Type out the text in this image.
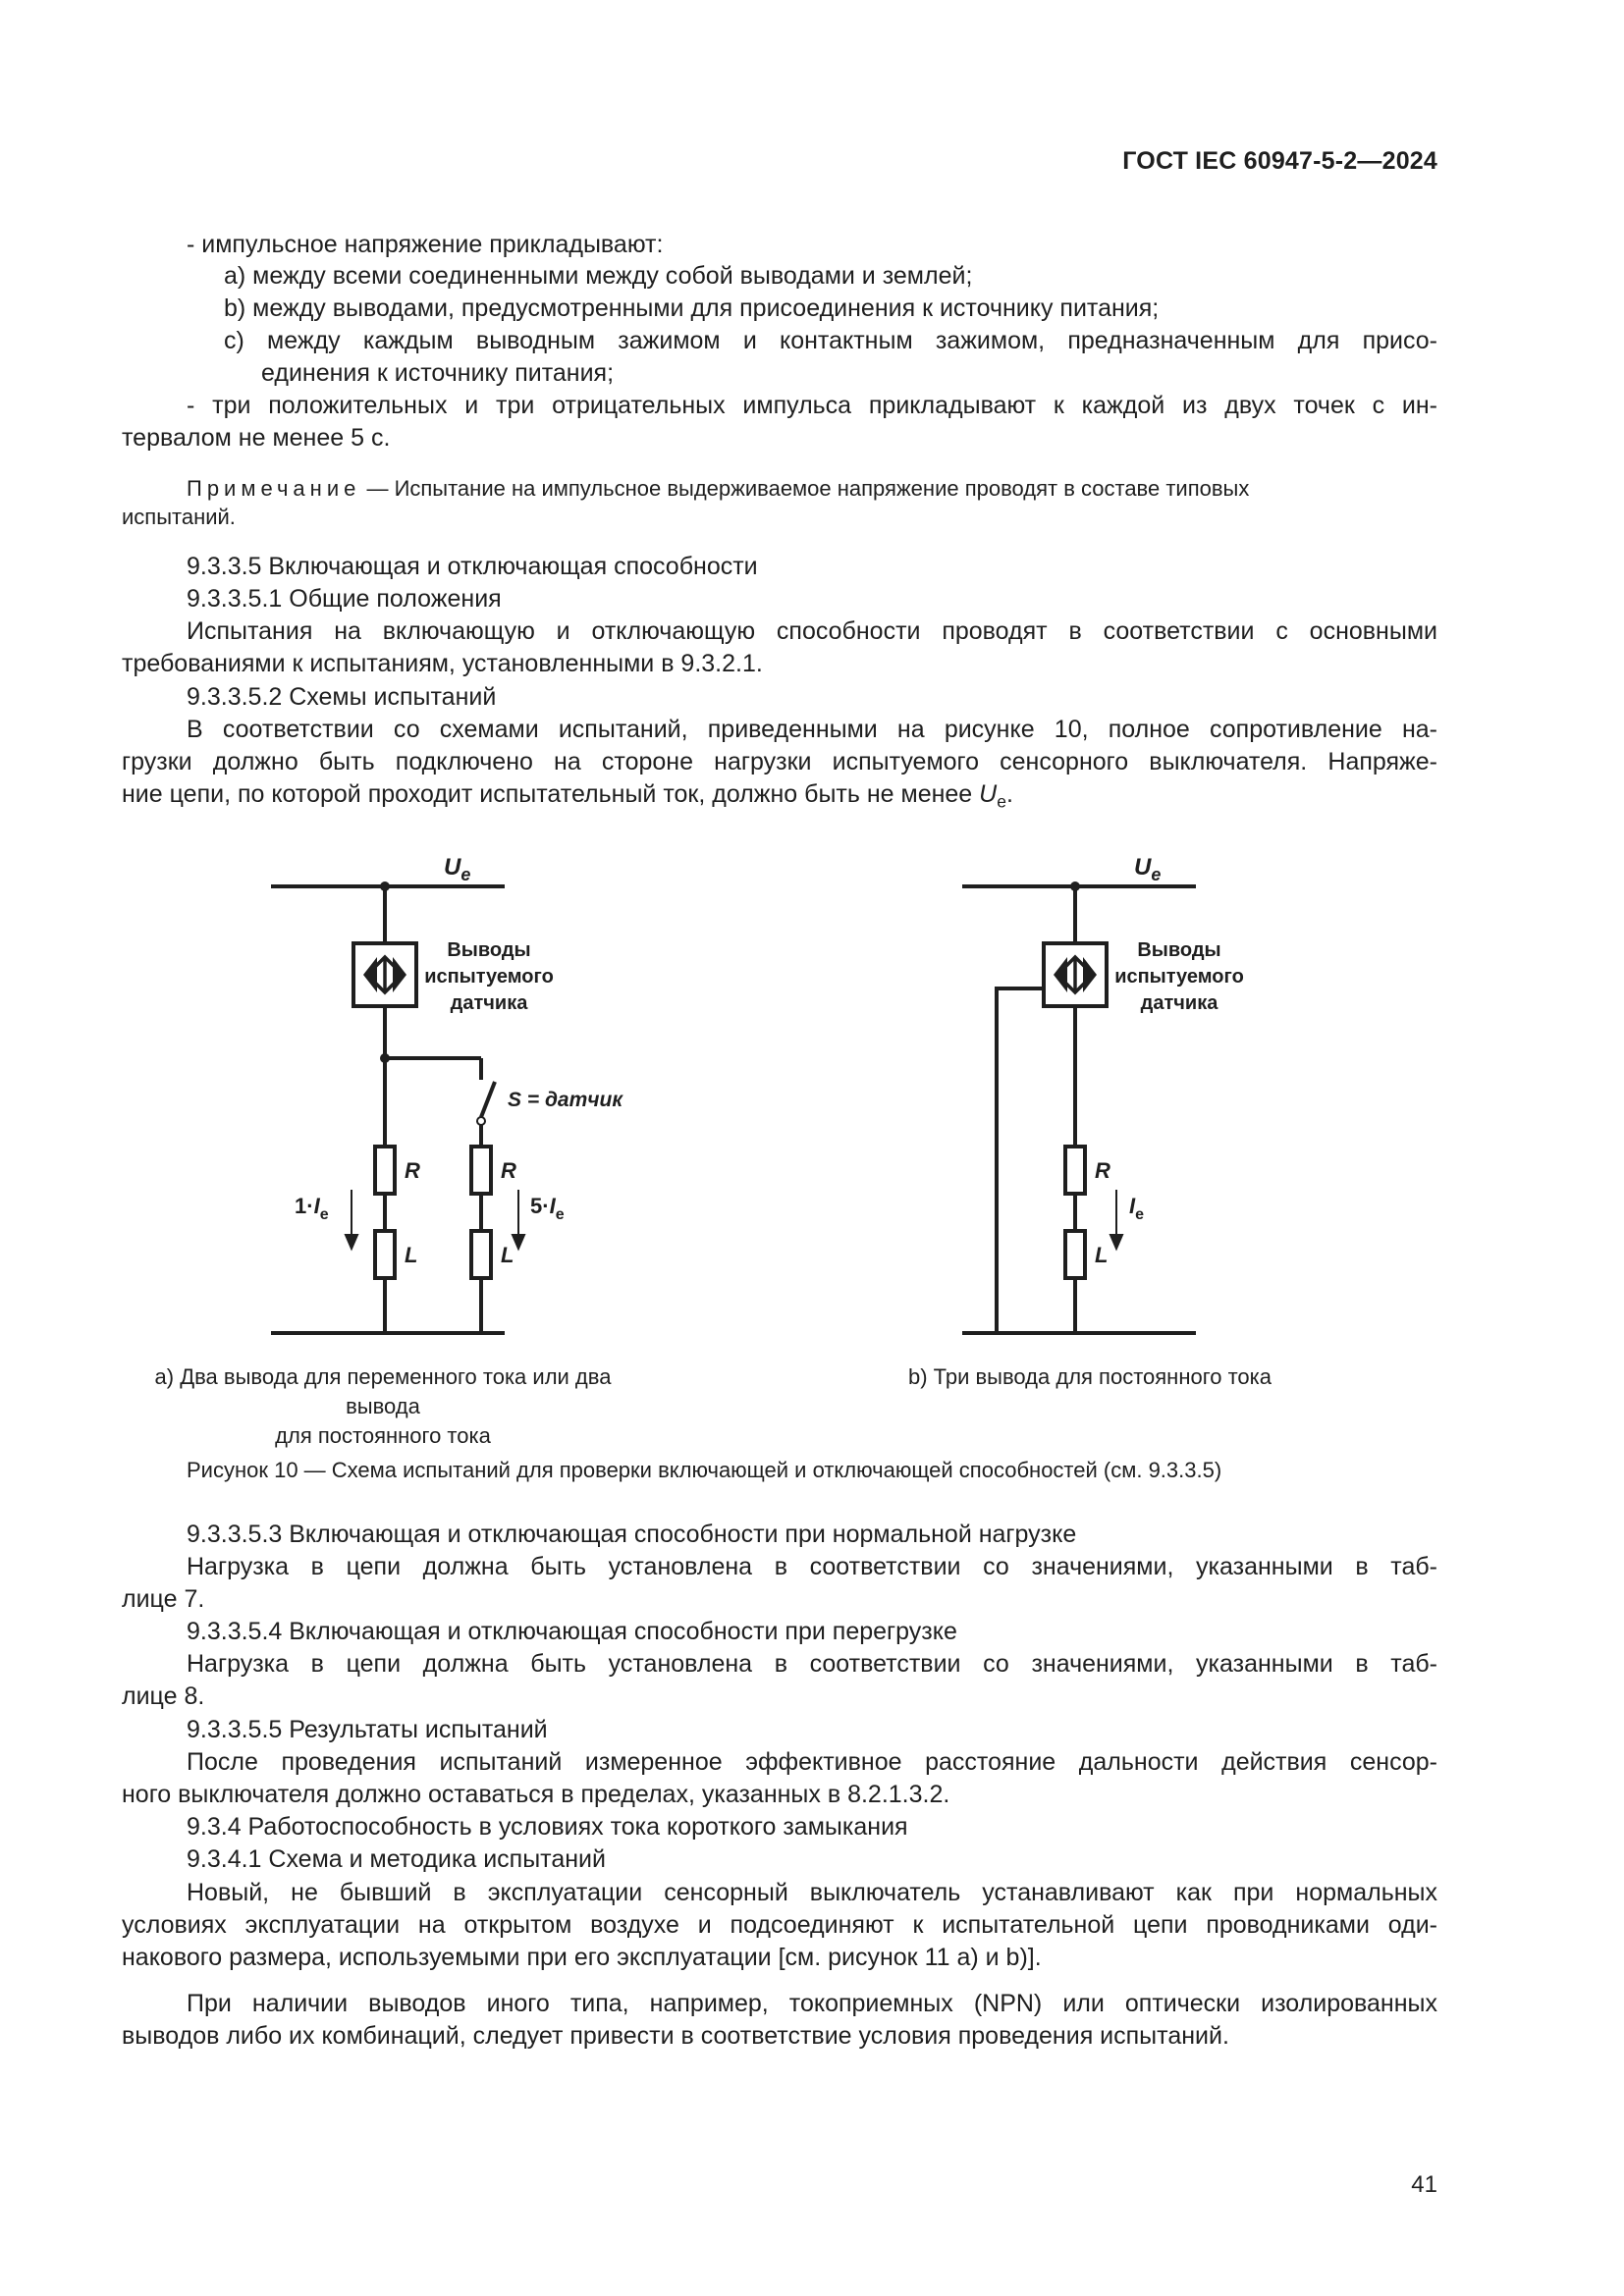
ГОСТ IEC 60947-5-2—2024
- импульсное напряжение прикладывают:
а) между всеми соединенными между собой выводами и землей;
b) между выводами, предусмотренными для присоединения к источнику питания;
c) между каждым выводным зажимом и контактным зажимом, предназначенным для присо-
единения к источнику питания;
- три положительных и три отрицательных импульса прикладывают к каждой из двух точек с ин-
тервалом не менее 5 с.
Примечание — Испытание на импульсное выдерживаемое напряжение проводят в составе типовых
испытаний.
9.3.3.5 Включающая и отключающая способности
9.3.3.5.1 Общие положения
Испытания на включающую и отключающую способности проводят в соответствии с основными
требованиями к испытаниям, установленными в 9.3.2.1.
9.3.3.5.2 Схемы испытаний
В соответствии со схемами испытаний, приведенными на рисунке 10, полное сопротивление на-
грузки должно быть подключено на стороне нагрузки испытуемого сенсорного выключателя. Напряже-
ние цепи, по которой проходит испытательный ток, должно быть не менее $U_e$.
$U_e$
Выводы
испытуемого
датчика
S = датчик
R
L
R
L
$1\cdot I_e$	$5\cdot I_e$
$U_e$
Выводы
испытуемого
датчика
R
L
$I_e$
а) Два вывода для переменного тока или два вывода
для постоянного тока
b) Три вывода для постоянного тока
Рисунок 10 — Схема испытаний для проверки включающей и отключающей способностей (см. 9.3.3.5)
9.3.3.5.3 Включающая и отключающая способности при нормальной нагрузке
Нагрузка в цепи должна быть установлена в соответствии со значениями, указанными в таб-
лице 7.
9.3.3.5.4 Включающая и отключающая способности при перегрузке
Нагрузка в цепи должна быть установлена в соответствии со значениями, указанными в таб-
лице 8.
9.3.3.5.5 Результаты испытаний
После проведения испытаний измеренное эффективное расстояние дальности действия сенсор-
ного выключателя должно оставаться в пределах, указанных в 8.2.1.3.2.
9.3.4 Работоспособность в условиях тока короткого замыкания
9.3.4.1 Схема и методика испытаний
Новый, не бывший в эксплуатации сенсорный выключатель устанавливают как при нормальных
условиях эксплуатации на открытом воздухе и подсоединяют к испытательной цепи проводниками оди-
накового размера, используемыми при его эксплуатации [см. рисунок 11 а) и b)].
При наличии выводов иного типа, например, токоприемных (NPN) или оптически изолированных
выводов либо их комбинаций, следует привести в соответствие условия проведения испытаний.
41
